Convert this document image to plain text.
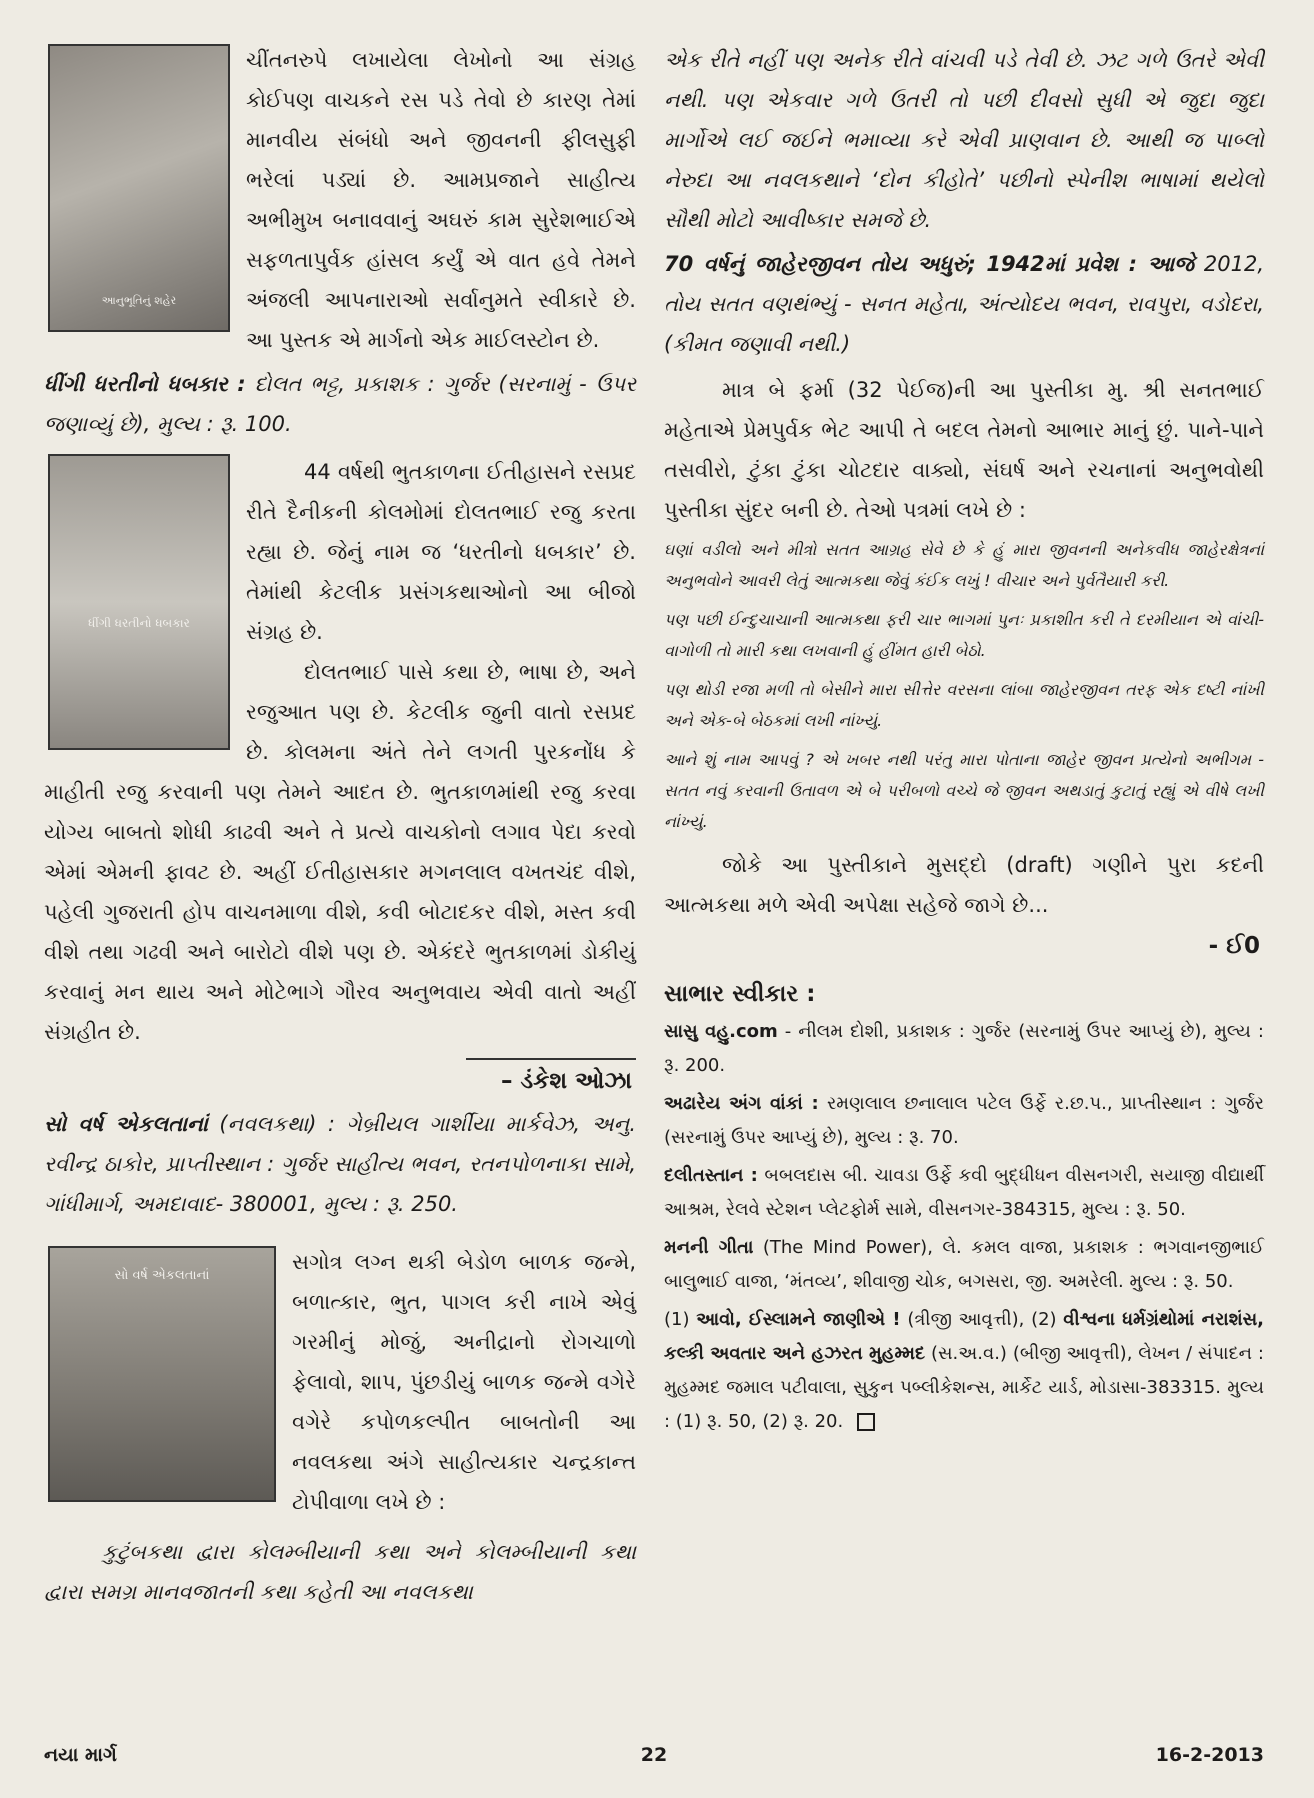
આનુભૂતિનું શહેર

ચીંતનરુપે લખાયેલા લેખોનો આ સંગ્રહ કોઈપણ વાચકને રસ પડે તેવો છે કારણ તેમાં માનવીય સંબંધો અને જીવનની ફીલસુફી ભરેલાં પડ્યાં છે. આમપ્રજાને સાહીત્ય અભીમુખ બનાવવાનું અઘરું કામ સુરેશભાઈએ સફળતાપુર્વક હાંસલ કર્યું એ વાત હવે તેમને અંજલી આપનારાઓ સર્વાનુમતે સ્વીકારે છે. આ પુસ્તક એ માર્ગનો એક માઈલસ્ટોન છે.

ધીંગી ધરતીનો ધબકાર : દોલત ભટ્ટ, પ્રકાશક : ગુર્જર (સરનામું - ઉપર જણાવ્યું છે), મુલ્ય : રૂ. 100.

ધીંગી ધરતીનો ધબકાર

44 વર્ષથી ભુતકાળના ઈતીહાસને રસપ્રદ રીતે દૈનીકની કોલમોમાં દોલતભાઈ રજુ કરતા રહ્યા છે. જેનું નામ જ ‘ધરતીનો ધબકાર’ છે. તેમાંથી કેટલીક પ્રસંગકથાઓનો આ બીજો સંગ્રહ છે.

દોલતભાઈ પાસે કથા છે, ભાષા છે, અને રજુઆત પણ છે. કેટલીક જુની વાતો રસપ્રદ છે. કોલમના અંતે તેને લગતી પુરકનોંધ કે માહીતી રજુ કરવાની પણ તેમને આદત છે. ભુતકાળમાંથી રજુ કરવા યોગ્ય બાબતો શોધી કાઢવી અને તે પ્રત્યે વાચકોનો લગાવ પેદા કરવો એમાં એમની ફાવટ છે. અહીં ઈતીહાસકાર મગનલાલ વખતચંદ વીશે, પહેલી ગુજરાતી હોપ વાચનમાળા વીશે, કવી બોટાદકર વીશે, મસ્ત કવી વીશે તથા ગઢવી અને બારોટો વીશે પણ છે. એકંદરે ભુતકાળમાં ડોકીયું કરવાનું મન થાય અને મોટેભાગે ગૌરવ અનુભવાય એવી વાતો અહીં સંગ્રહીત છે.

– ડંકેશ ઓઝા

સો વર્ષ એકલતાનાં (નવલકથા) : ગેબ્રીયલ ગાર્શીયા માર્કવેઝ, અનુ. રવીન્દ્ર ઠાકોર, પ્રાપ્તીસ્થાન : ગુર્જર સાહીત્ય ભવન, રતનપોળનાકા સામે, ગાંધીમાર્ગ, અમદાવાદ- 380001, મુલ્ય : રૂ. 250.

સો વર્ષ એકલતાનાં

સગોત્ર લગ્ન થકી બેડોળ બાળક જન્મે, બળાત્કાર, ભુત, પાગલ કરી નાખે એવું ગરમીનું મોજું, અનીદ્રાનો રોગચાળો ફેલાવો, શાપ, પુંછડીયું બાળક જન્મે વગેરે વગેરે કપોળકલ્પીત બાબતોની આ નવલકથા અંગે સાહીત્યકાર ચન્દ્રકાન્ત ટોપીવાળા લખે છે :

કુટુંબકથા દ્વારા કોલમ્બીયાની કથા અને કોલમ્બીયાની કથા દ્વારા સમગ્ર માનવજાતની કથા કહેતી આ નવલકથા

એક રીતે નહીં પણ અનેક રીતે વાંચવી પડે તેવી છે. ઝટ ગળે ઉતરે એવી નથી. પણ એકવાર ગળે ઉતરી તો પછી દીવસો સુધી એ જુદા જુદા માર્ગોએ લઈ જઈને ભમાવ્યા કરે એવી પ્રાણવાન છે. આથી જ પાબ્લો નેરુદા આ નવલકથાને ‘દોન કીહોતે’ પછીનો સ્પેનીશ ભાષામાં થયેલો સૌથી મોટો આવીષ્કાર સમજે છે.

70 વર્ષનું જાહેરજીવન તોય અધુરું; 1942માં પ્રવેશ : આજે 2012, તોય સતત વણથંભ્યું - સનત મહેતા, અંત્યોદય ભવન, રાવપુરા, વડોદરા, (કીમત જણાવી નથી.)

માત્ર બે ફર્મા (32 પેઈજ)ની આ પુસ્તીકા મુ. શ્રી સનતભાઈ મહેતાએ પ્રેમપુર્વક ભેટ આપી તે બદલ તેમનો આભાર માનું છું. પાને-પાને તસવીરો, ટુંકા ટુંકા ચોટદાર વાક્યો, સંઘર્ષ અને રચનાનાં અનુભવોથી પુસ્તીકા સુંદર બની છે. તેઓ પત્રમાં લખે છે :

ઘણાં વડીલો અને મીત્રો સતત આગ્રહ સેવે છે કે હું મારા જીવનની અનેકવીધ જાહેરક્ષેત્રનાં અનુભવોને આવરી લેતું આત્મકથા જેવું કંઈક લખું ! વીચાર અને પુર્વતૈયારી કરી.

પણ પછી ઈન્દુચાચાની આત્મકથા ફરી ચાર ભાગમાં પુનઃ પ્રકાશીત કરી તે દરમીયાન એ વાંચી-વાગોળી તો મારી કથા લખવાની હું હીંમત હારી બેઠો.

પણ થોડી રજા મળી તો બેસીને મારા સીત્તેર વરસના લાંબા જાહેરજીવન તરફ એક દષ્ટી નાંખી અને એક-બે બેઠકમાં લખી નાંખ્યું.

આને શું નામ આપવું ? એ ખબર નથી પરંતુ મારા પોતાના જાહેર જીવન પ્રત્યેનો અભીગમ - સતત નવું કરવાની ઉતાવળ એ બે પરીબળો વચ્ચે જે જીવન અથડાતું કુટાતું રહ્યું એ વીષે લખી નાંખ્યું.

જોકે આ પુસ્તીકાને મુસદ્દો (draft) ગણીને પુરા કદની આત્મકથા મળે એવી અપેક્ષા સહેજે જાગે છે...

- ઈ0

સાભાર સ્વીકાર :

સાસુ વહુ.com - નીલમ દોશી, પ્રકાશક : ગુર્જર (સરનામું ઉપર આપ્યું છે), મુલ્ય : રૂ. 200.

અઢારેય અંગ વાંકાં : રમણલાલ છનાલાલ પટેલ ઉર્ફે ર.છ.પ., પ્રાપ્તીસ્થાન : ગુર્જર (સરનામું ઉપર આપ્યું છે), મુલ્ય : રૂ. 70.

દલીતસ્તાન : બબલદાસ બી. ચાવડા ઉર્ફે કવી બુદ્ધીધન વીસનગરી, સયાજી વીદ્યાર્થી આશ્રમ, રેલવે સ્ટેશન પ્લેટફોર્મ સામે, વીસનગર-384315, મુલ્ય : રૂ. 50.

મનની ગીતા (The Mind Power), લે. કમલ વાજા, પ્રકાશક : ભગવાનજીભાઈ બાલુભાઈ વાજા, ‘મંતવ્ય’, શીવાજી ચોક, બગસરા, જી. અમરેલી. મુલ્ય : રૂ. 50.

(1) આવો, ઈસ્લામને જાણીએ ! (ત્રીજી આવૃત્તી), (2) વીશ્વના ધર્મગ્રંથોમાં નરાશંસ, કલ્કી અવતાર અને હઝરત મુહમ્મદ (સ.અ.વ.) (બીજી આવૃત્તી), લેખન / સંપાદન : મુહમ્મદ જમાલ પટીવાલા, સુકુન પબ્લીકેશન્સ, માર્કેટ યાર્ડ, મોડાસા-383315. મુલ્ય : (1) રૂ. 50, (2) રૂ. 20.

નયા માર્ગ	22	16-2-2013
